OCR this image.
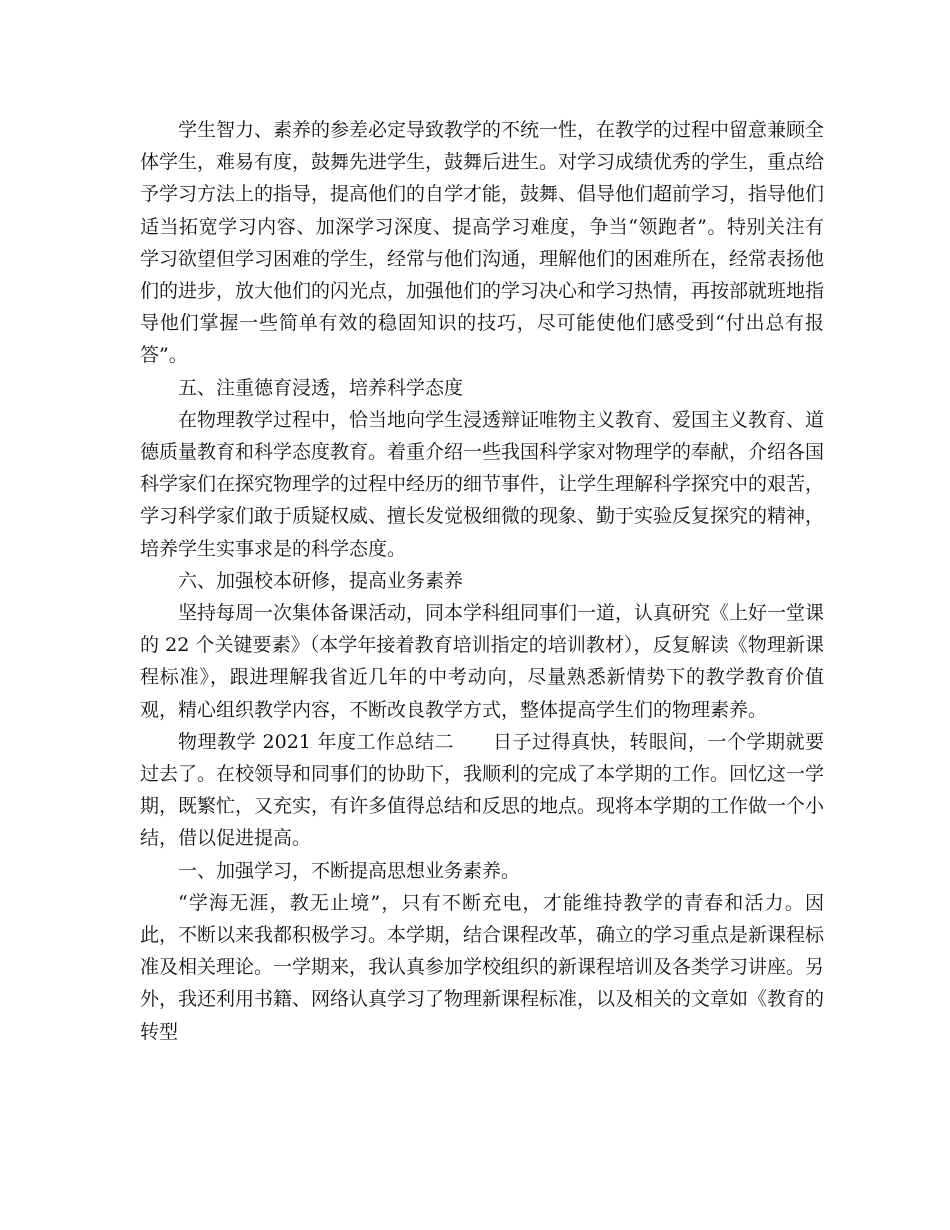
学生智力、素养的参差必定导致教学的不统一性，在教学的过程中留意兼顾全体学生，难易有度，鼓舞先进学生，鼓舞后进生。对学习成绩优秀的学生，重点给予学习方法上的指导，提高他们的自学才能，鼓舞、倡导他们超前学习，指导他们适当拓宽学习内容、加深学习深度、提高学习难度，争当“领跑者”。特别关注有学习欲望但学习困难的学生，经常与他们沟通，理解他们的困难所在，经常表扬他们的进步，放大他们的闪光点，加强他们的学习决心和学习热情，再按部就班地指导他们掌握一些简单有效的稳固知识的技巧，尽可能使他们感受到“付出总有报答”。

五、注重德育浸透，培养科学态度

在物理教学过程中，恰当地向学生浸透辩证唯物主义教育、爱国主义教育、道德质量教育和科学态度教育。着重介绍一些我国科学家对物理学的奉献，介绍各国科学家们在探究物理学的过程中经历的细节事件，让学生理解科学探究中的艰苦，学习科学家们敢于质疑权威、擅长发觉极细微的现象、勤于实验反复探究的精神，培养学生实事求是的科学态度。

六、加强校本研修，提高业务素养

坚持每周一次集体备课活动，同本学科组同事们一道，认真研究《上好一堂课的 22 个关键要素》（本学年接着教育培训指定的培训教材），反复解读《物理新课程标准》，跟进理解我省近几年的中考动向，尽量熟悉新情势下的教学教育价值观，精心组织教学内容，不断改良教学方式，整体提高学生们的物理素养。

物理教学 2021 年度工作总结二　　日子过得真快，转眼间，一个学期就要过去了。在校领导和同事们的协助下，我顺利的完成了本学期的工作。回忆这一学期，既繁忙，又充实，有许多值得总结和反思的地点。现将本学期的工作做一个小结，借以促进提高。

一、加强学习，不断提高思想业务素养。

“学海无涯，教无止境”，只有不断充电，才能维持教学的青春和活力。因此，不断以来我都积极学习。本学期，结合课程改革，确立的学习重点是新课程标准及相关理论。一学期来，我认真参加学校组织的新课程培训及各类学习讲座。另外，我还利用书籍、网络认真学习了物理新课程标准，以及相关的文章如《教育的转型
